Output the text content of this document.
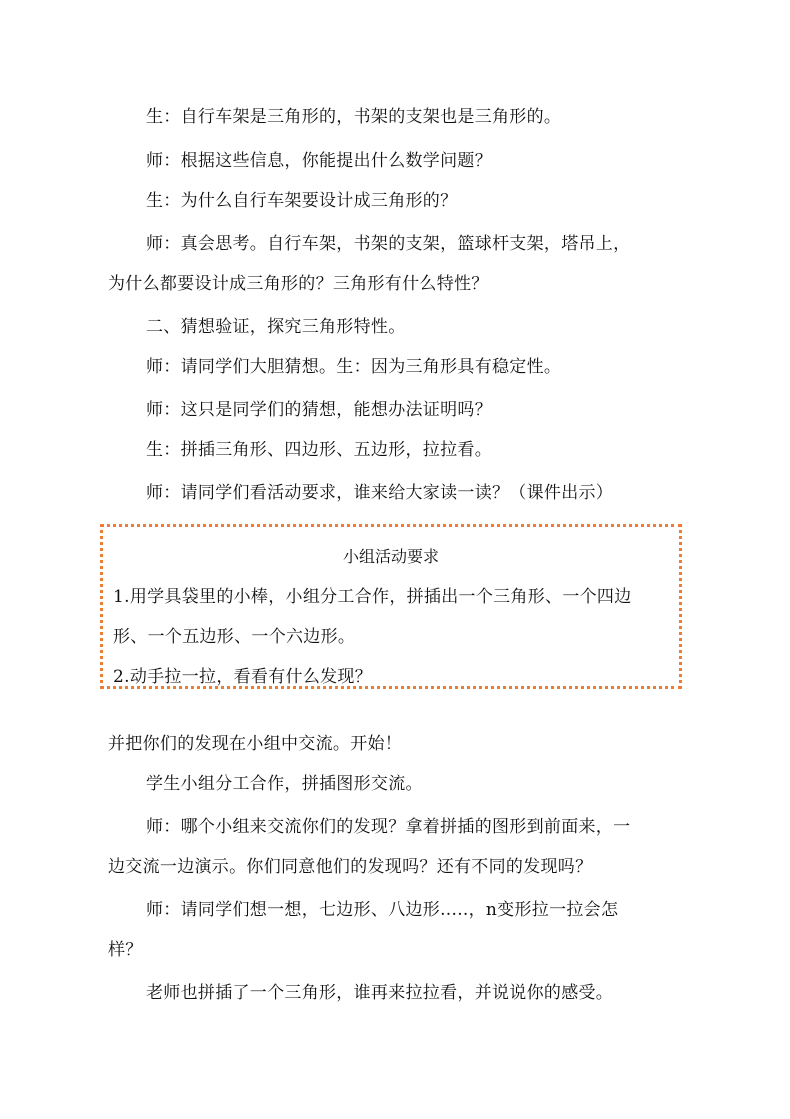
生：自行车架是三角形的，书架的支架也是三角形的。
师：根据这些信息，你能提出什么数学问题？
生：为什么自行车架要设计成三角形的？
师：真会思考。自行车架，书架的支架，篮球杆支架，塔吊上，
为什么都要设计成三角形的？三角形有什么特性？
二、猜想验证，探究三角形特性。
师：请同学们大胆猜想。生：因为三角形具有稳定性。
师：这只是同学们的猜想，能想办法证明吗？
生：拼插三角形、四边形、五边形，拉拉看。
师：请同学们看活动要求，谁来给大家读一读？（课件出示）
小组活动要求
1.用学具袋里的小棒，小组分工合作，拼插出一个三角形、一个四边
形、一个五边形、一个六边形。
2.动手拉一拉，看看有什么发现？
并把你们的发现在小组中交流。开始！
学生小组分工合作，拼插图形交流。
师：哪个小组来交流你们的发现？拿着拼插的图形到前面来，一
边交流一边演示。你们同意他们的发现吗？还有不同的发现吗？
师：请同学们想一想，七边形、八边形.....，n变形拉一拉会怎
样？
老师也拼插了一个三角形，谁再来拉拉看，并说说你的感受。
